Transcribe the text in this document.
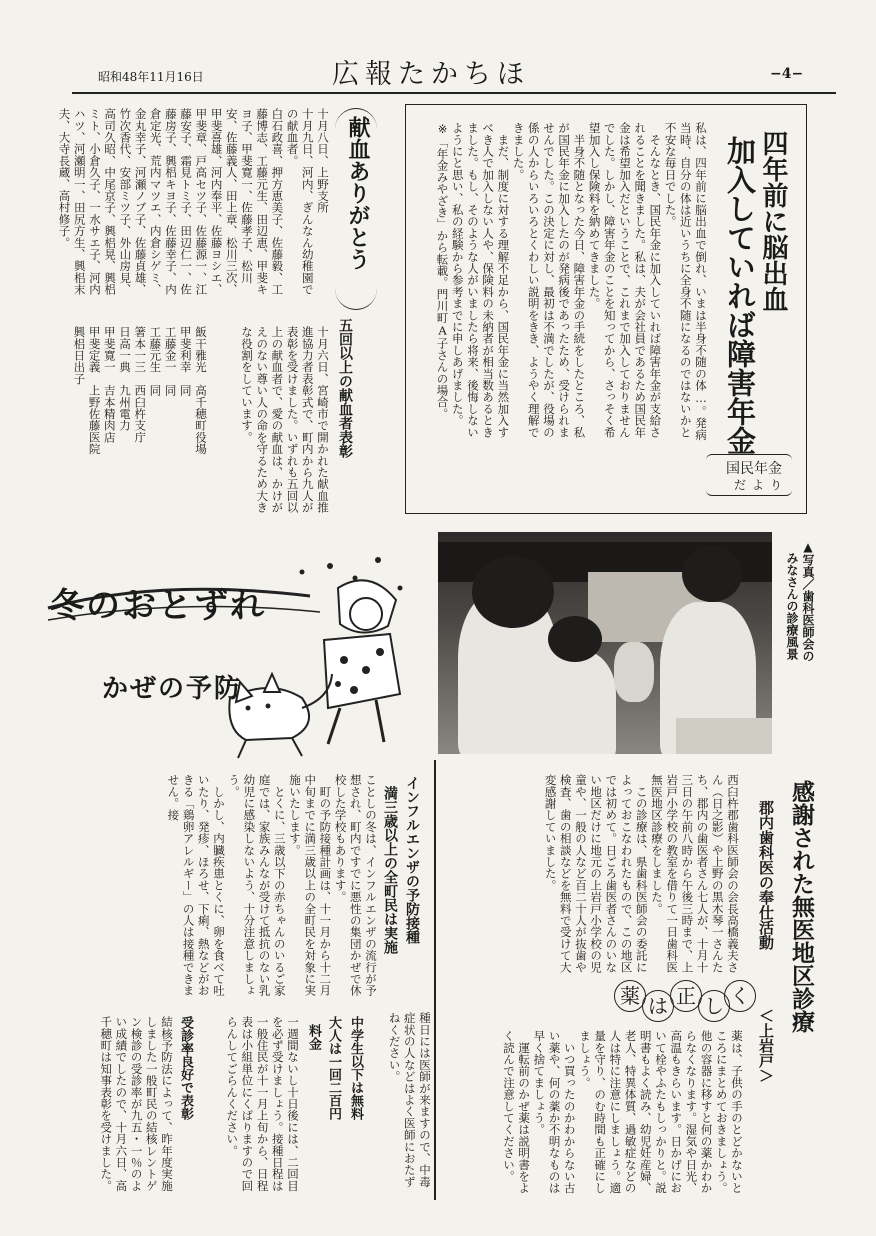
昭和48年11月16日	広報たかちほ	−4−
四年前に脳出血
加入していれば障害年金
私は、四年前に脳出血で倒れ、いまは半身不随の体…。発病当時、自分の体は近いうちに全身不随になるのではないかと不安な毎日でした。
　そんなとき、国民年金に加入していれば障害年金が支給されることを聞きました。私は、夫が会社員であるため国民年金は希望加入だということで、これまで加入しておりませんでした。しかし、障害年金のことを知ってから、さっそく希望加入し保険料を納めてきました。
　半身不随となった今日、障害年金の手続をしたところ、私が国民年金に加入したのが発病後であったため、受けられませんでした。この決定に対し、最初は不満でしたが、役場の係の人からいろいろとくわしい説明をきき、ようやく理解できました。
　まだ、制度に対する理解不足から、国民年金に当然加入すべき人で加入しない人や、保険料の未納者が相当数あるときました。もし、そのような人がいましたら将来、後悔しないようにと思い、私の経験から参考までに申しあげました。
※「年金みやざき」から転載。門川町A子さんの場合。
国民年金
だより
献血ありがとう
十月八日、上野支所
十月九日、河内、ぎんなん幼稚園での献血者。
白石政喜、押方恵美子、佐藤毅、工藤博志、工藤元生、田辺恵、甲斐キヨ子、甲斐寛一、佐藤孝子、松川安、佐藤義人、田上章、松川三次、甲斐喜雄、河内奉平、佐藤ヨシエ、甲斐章、戸高セツ子、佐藤源一、江藤安子、霜見トミ子、田辺仁一、佐藤房子、興梠キヨ子、佐藤幸子、内倉定光、荒内マツエ、内倉シゲミ、金丸幸子、河瀬ノブ子、佐藤貞雄、竹次香代、安部ミツ子、外山房見、高司久昭、中尾京子、興梠晃、興梠ミト、小倉久子、一水サエ子、河内ハツ、河瀬明一、田尻方生、興梠末夫、大寺長蔵、高村修子。
五回以上の献血者表彰
十月六日、宮崎市で開かれた献血推進協力者表彰式で、町内から九人が表彰を受けました。いずれも五回以上の献血者で、愛の献血は、かけがえのない尊い人の命を守るため大きな役割をしています。
飯干雅光　高千穂町役場
甲斐利幸　同
工藤金一　同
工藤元生　同
箸本一三　西臼杵支庁
日高一典　九州電力
甲斐寛一　吉本精肉店
甲斐定義　上野佐藤医院
興梠日出子
冬のおとずれ
かぜの予防
▲写真／歯科医師会の
みなさんの診療風景
感謝された無医地区診療
郡内歯科医の奉仕活動
＜上岩戸＞
西臼杵郡歯科医師会の会長高橋義夫さん（日之影）や上野の黒木琴一さんたち、郡内の歯医者さん七人が、十月十三日の午前八時から午後三時まで、上岩戸小学校の教室を借りて一日歯科医無医地区診療をしました。
　この診療は、県歯科医師会の委託によっておこなわれたもので、この地区では初めて。日ごろ歯医者さんのいない地区だけに地元の上岩戸小学校の児童や、一般の人など百二十人が抜歯や検査、歯の相談などを無料で受けて大変感謝していました。
薬 は 正 し く
薬は、子供の手のとどかないところにまとめておきましょう。他の容器に移すと何の薬かわからなくなります。湿気や日光、高温もきらいます。日かげにおいて栓やふたもしっかりと。説明書もよく読み、幼児妊産婦、老人、特異体質、過敏症などの人は特に注意にしましょう。適量を守り、のむ時間も正確にしましょう。
　いつ買ったのかわからない古い薬や、何の薬か不明なものは早く捨てましょう。
　運転前のかぜ薬は説明書をよく読んで注意してください。
インフルエンザの予防接種
満三歳以上の全町民は実施
ことしの冬は、インフルエンザの流行が予想され、町内ですでに悪性の集団かぜで休校した学校もあります。
　町の予防接種計画は、十一月から十二月中旬までに満三歳以上の全町民を対象に実施いたします。
　とくに、三歳以下の赤ちゃんのいるご家庭では、家族みんなが受けて抵抗のない乳幼児に感染しないよう、十分注意しましょう。
　しかし、内臓疾患とくに、卵を食べて吐いたり、発疹、ほろせ、下痢、熱などがおきる「鶏卵アレルギー」の人は接種できません。接
種日には医師が来ますので、中毒症状の人などはよく医師におたずねください。
中学生以下は無料
大人は一回二百円
料金
一週間ないし十日後には、二回目を必ず受けましょう。接種日程は一般住民が十一月上旬から、日程表は小組単位にくばりますので回らんしてごらんください。
受診率良好で表彰
結核予防法によって、昨年度実施しました一般町民の結核レントゲン検診の受診率が九五・一％のよい成績でしたので、十月六日、高千穂町は知事表彰を受けました。
